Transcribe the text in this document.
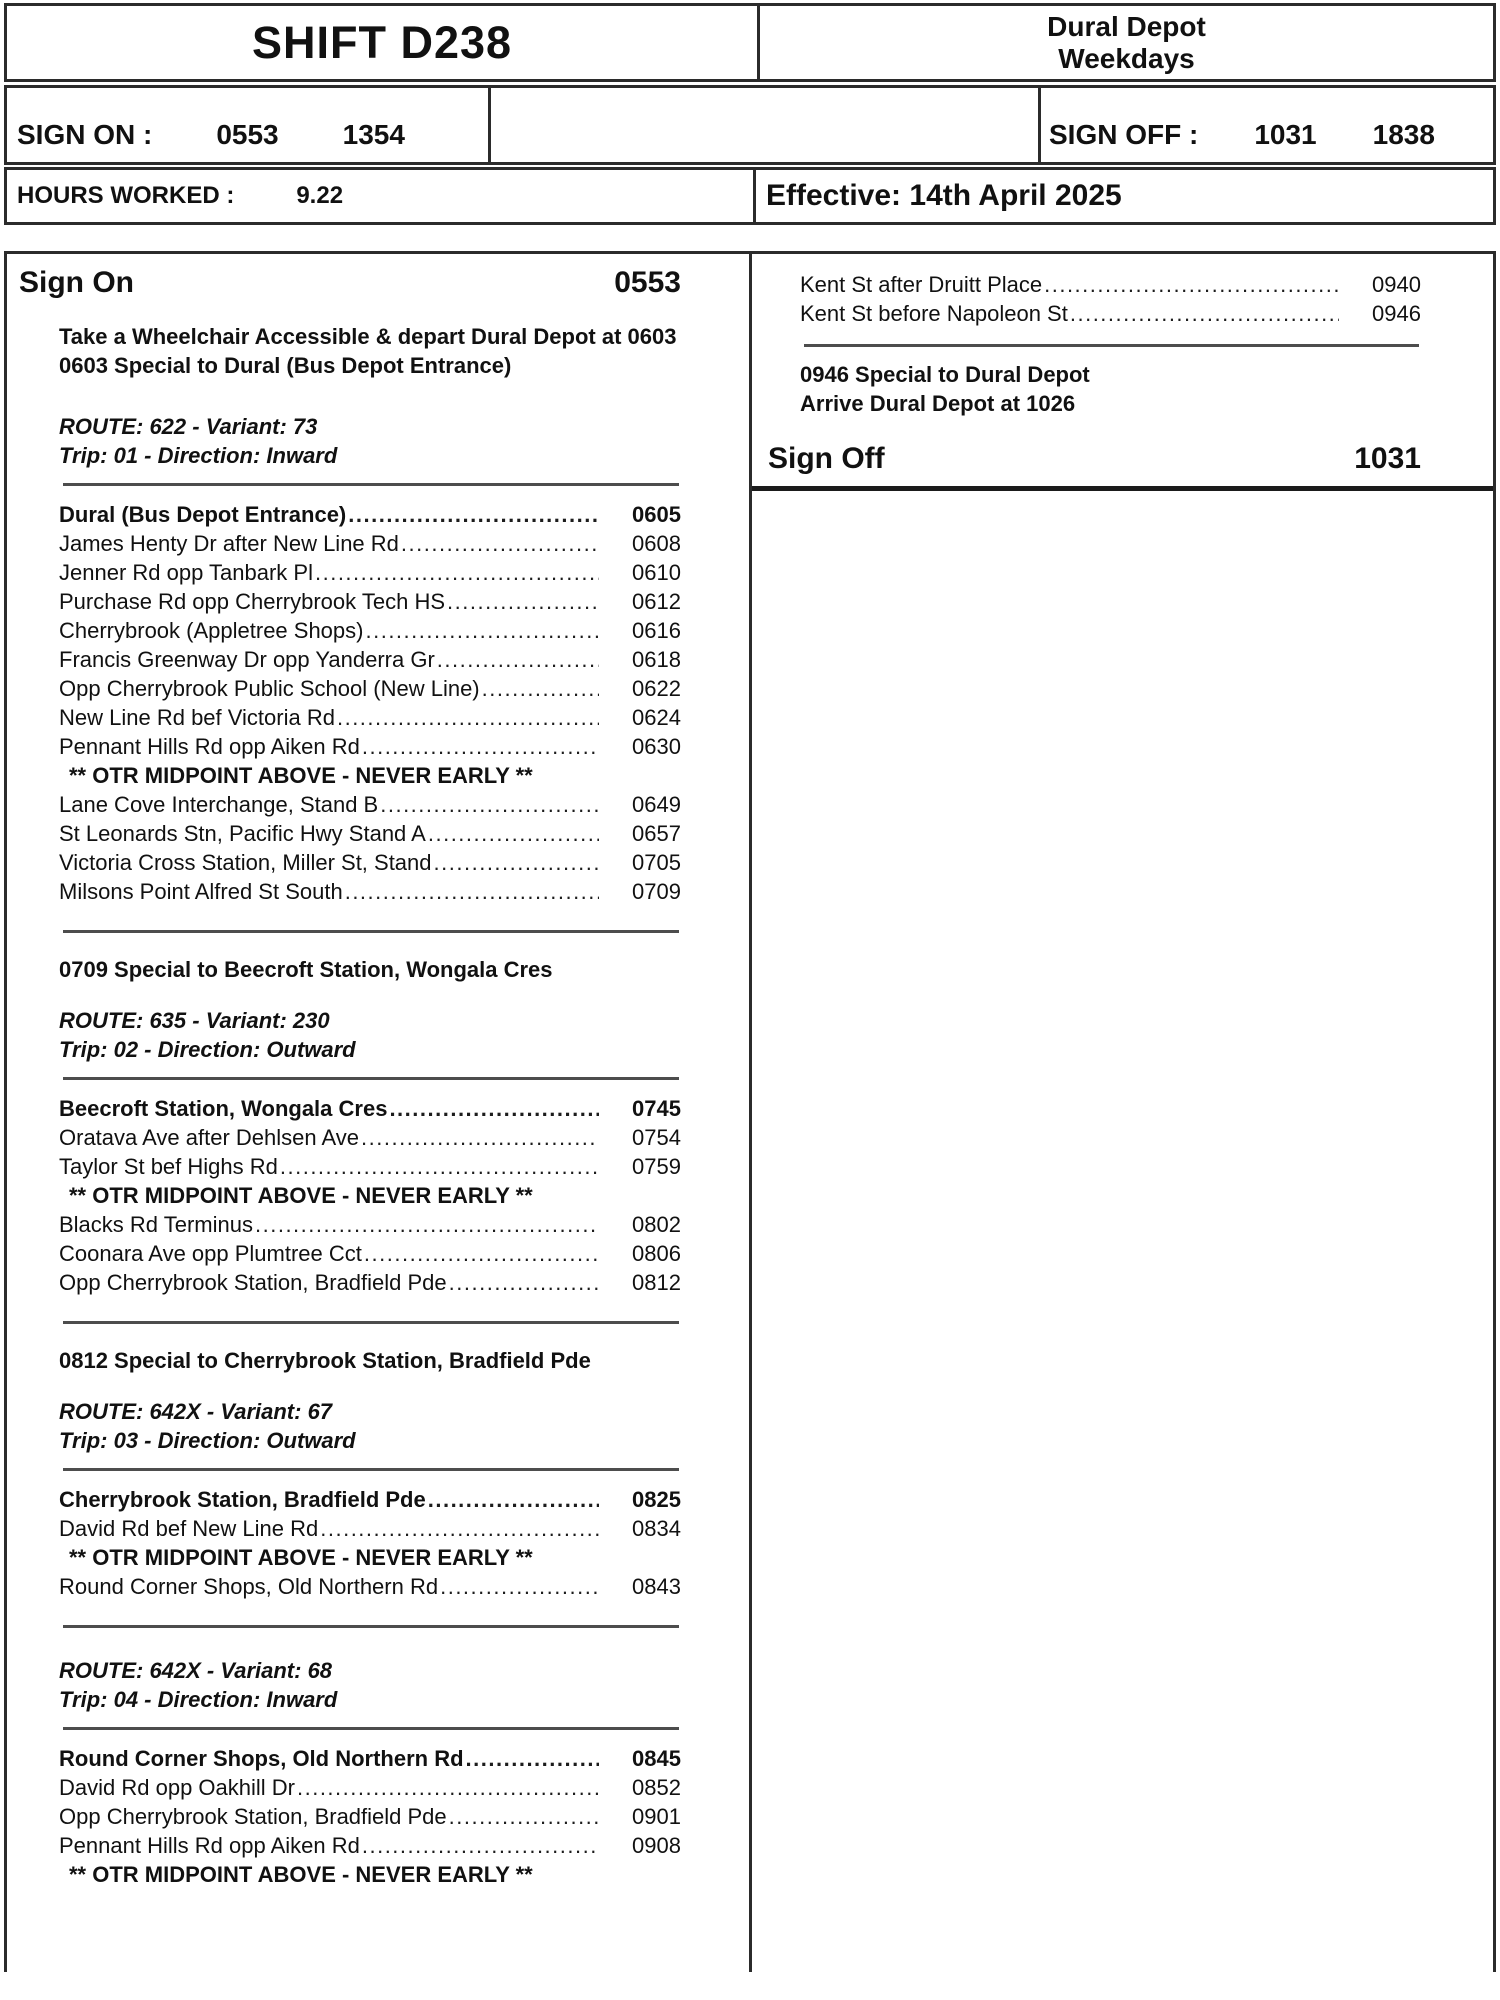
SHIFT D238	Dural Depot
Weekdays
SIGN ON : 0553 1354	SIGN OFF : 1031 1838
HOURS WORKED :	9.22	Effective: 14th April 2025
Sign On	0553
Take a Wheelchair Accessible & depart Dural Depot at 0603
0603 Special to Dural (Bus Depot Entrance)
ROUTE: 622 - Variant: 73
Trip: 01 - Direction: Inward
Dural (Bus Depot Entrance) .....	0605
James Henty Dr after New Line Rd .....	0608
Jenner Rd opp Tanbark Pl .....	0610
Purchase Rd opp Cherrybrook Tech HS .....	0612
Cherrybrook (Appletree Shops) .....	0616
Francis Greenway Dr opp Yanderra Gr .....	0618
Opp Cherrybrook Public School (New Line) .....	0622
New Line Rd bef Victoria Rd .....	0624
Pennant Hills Rd opp Aiken Rd .....	0630
** OTR MIDPOINT ABOVE - NEVER EARLY **
Lane Cove Interchange, Stand B .....	0649
St Leonards Stn, Pacific Hwy Stand A .....	0657
Victoria Cross Station, Miller St, Stand .....	0705
Milsons Point Alfred St South .....	0709
0709 Special to Beecroft Station, Wongala Cres
ROUTE: 635 - Variant: 230
Trip: 02 - Direction: Outward
Beecroft Station, Wongala Cres .....	0745
Oratava Ave after Dehlsen Ave .....	0754
Taylor St bef Highs Rd .....	0759
** OTR MIDPOINT ABOVE - NEVER EARLY **
Blacks Rd Terminus .....	0802
Coonara Ave opp Plumtree Cct .....	0806
Opp Cherrybrook Station, Bradfield Pde .....	0812
0812 Special to Cherrybrook Station, Bradfield Pde
ROUTE: 642X - Variant: 67
Trip: 03 - Direction: Outward
Cherrybrook Station, Bradfield Pde .....	0825
David Rd bef New Line Rd .....	0834
** OTR MIDPOINT ABOVE - NEVER EARLY **
Round Corner Shops, Old Northern Rd .....	0843
ROUTE: 642X - Variant: 68
Trip: 04 - Direction: Inward
Round Corner Shops, Old Northern Rd .....	0845
David Rd opp Oakhill Dr .....	0852
Opp Cherrybrook Station, Bradfield Pde .....	0901
Pennant Hills Rd opp Aiken Rd .....	0908
** OTR MIDPOINT ABOVE - NEVER EARLY **
Kent St after Druitt Place .....	0940
Kent St before Napoleon St .....	0946
0946 Special to Dural Depot
Arrive Dural Depot at 1026
Sign Off	1031
